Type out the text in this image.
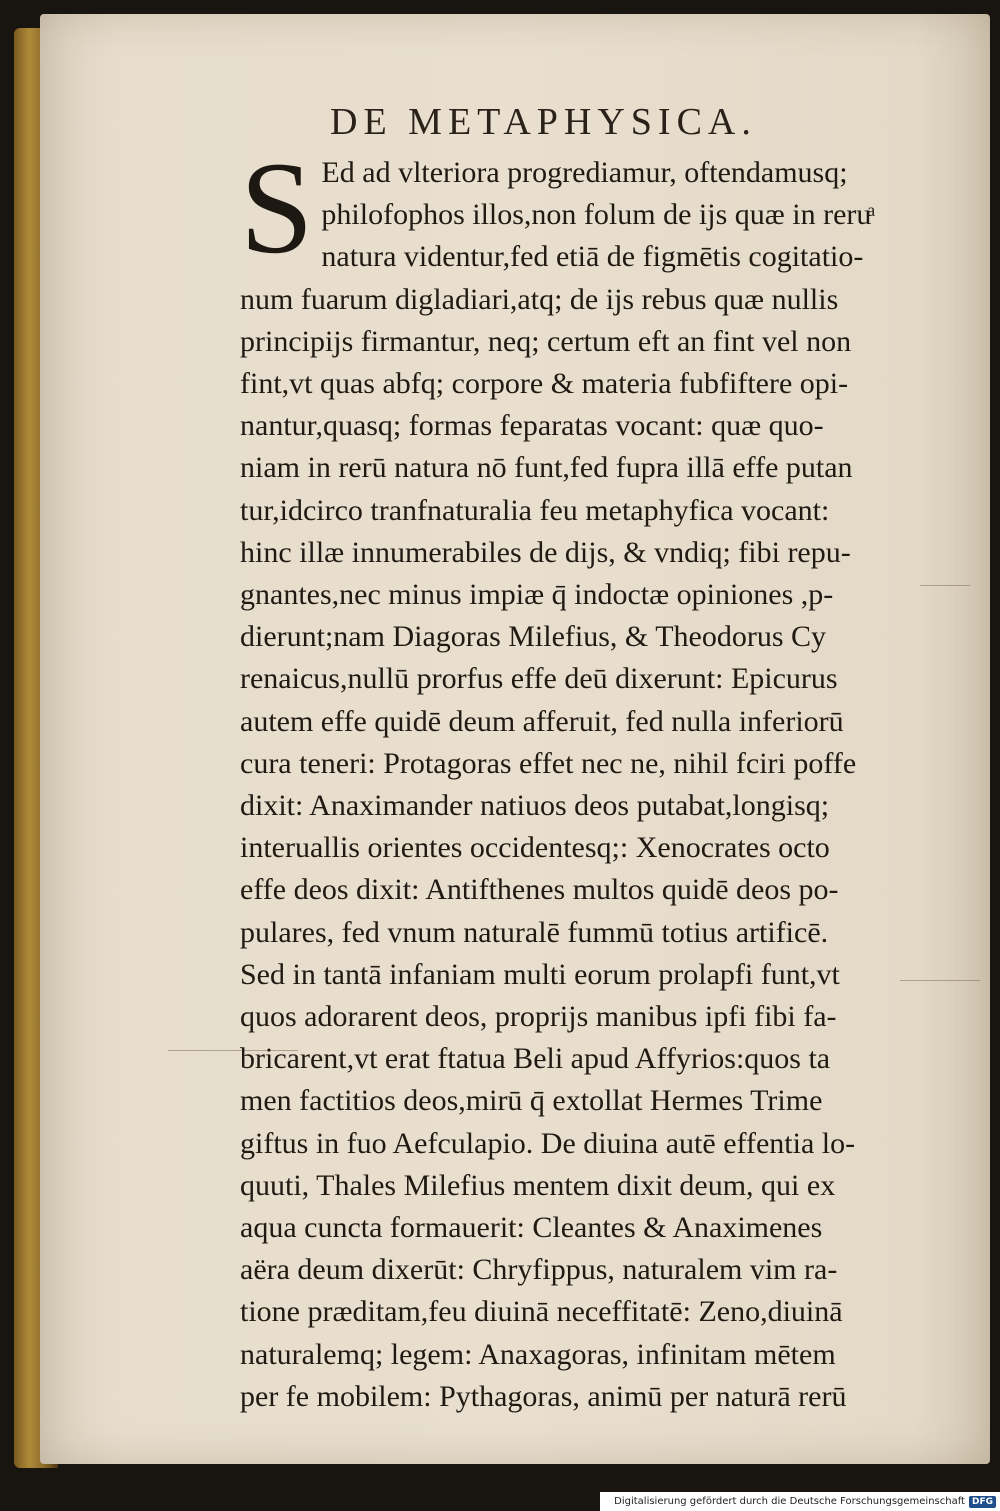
DE METAPHYSICA.
S Ed ad vlteriora progrediamur, oftendamusq;
philofophos illos,non folum de ijs quæ in reruͣ
natura videntur,fed etiā de figmētis cogitatio-
num fuarum digladiari,atq; de ijs rebus quæ nullis
principijs firmantur, neq; certum eft an fint vel non
fint,vt quas abfq; corpore & materia fubfiftere opi-
nantur,quasq; formas feparatas vocant: quæ quo-
niam in rerū natura nō funt,fed fupra illā effe putan
tur,idcirco tranfnaturalia feu metaphyfica vocant:
hinc illæ innumerabiles de dijs, & vndiq; fibi repu-
gnantes,nec minus impiæ q̄ indoctæ opiniones ,p-
dierunt;nam Diagoras Milefius, & Theodorus Cy
renaicus,nullū prorfus effe deū dixerunt: Epicurus
autem effe quidē deum afferuit, fed nulla inferiorū
cura teneri: Protagoras effet nec ne, nihil fciri poffe
dixit: Anaximander natiuos deos putabat,longisq;
interuallis orientes occidentesq;: Xenocrates octo
effe deos dixit: Antifthenes multos quidē deos po-
pulares, fed vnum naturalē fummū totius artificē.
Sed in tantā infaniam multi eorum prolapfi funt,vt
quos adorarent deos, proprijs manibus ipfi fibi fa-
bricarent,vt erat ftatua Beli apud Affyrios:quos ta
men factitios deos,mirū q̄ extollat Hermes Trime
giftus in fuo Aefculapio. De diuina autē effentia lo-
quuti, Thales Milefius mentem dixit deum, qui ex
aqua cuncta formauerit: Cleantes & Anaximenes
aëra deum dixerūt: Chryfippus, naturalem vim ra-
tione præditam,feu diuinā neceffitatē: Zeno,diuinā
naturalemq; legem: Anaxagoras, infinitam mētem
per fe mobilem: Pythagoras, animū per naturā rerū
Digitalisierung gefördert durch die Deutsche Forschungsgemeinschaft DFG
